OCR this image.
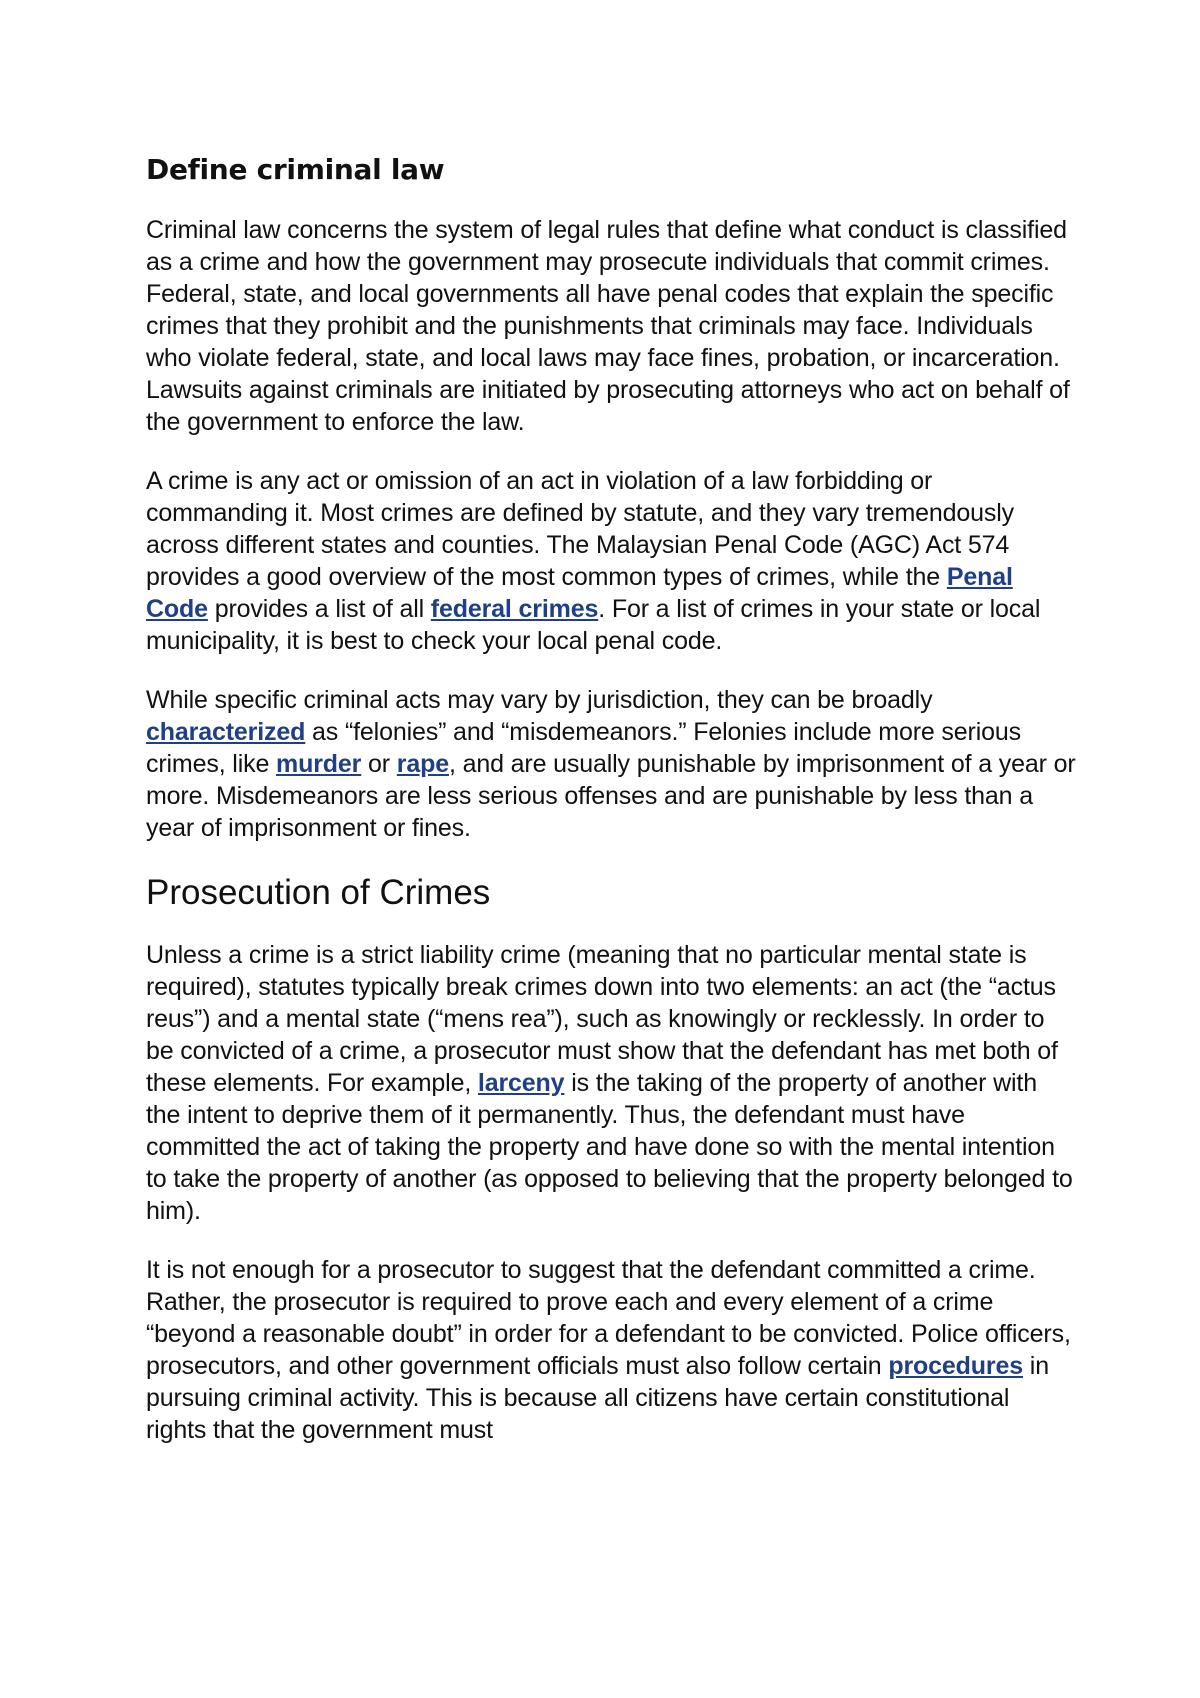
Define criminal law

Criminal law concerns the system of legal rules that define what conduct is classified as a crime and how the government may prosecute individuals that commit crimes. Federal, state, and local governments all have penal codes that explain the specific crimes that they prohibit and the punishments that criminals may face. Individuals who violate federal, state, and local laws may face fines, probation, or incarceration. Lawsuits against criminals are initiated by prosecuting attorneys who act on behalf of the government to enforce the law.

A crime is any act or omission of an act in violation of a law forbidding or commanding it. Most crimes are defined by statute, and they vary tremendously across different states and counties. The Malaysian Penal Code (AGC) Act 574 provides a good overview of the most common types of crimes, while the Penal Code provides a list of all federal crimes. For a list of crimes in your state or local municipality, it is best to check your local penal code.

While specific criminal acts may vary by jurisdiction, they can be broadly characterized as “felonies” and “misdemeanors.” Felonies include more serious crimes, like murder or rape, and are usually punishable by imprisonment of a year or more. Misdemeanors are less serious offenses and are punishable by less than a year of imprisonment or fines.

Prosecution of Crimes

Unless a crime is a strict liability crime (meaning that no particular mental state is required), statutes typically break crimes down into two elements: an act (the “actus reus”) and a mental state (“mens rea”), such as knowingly or recklessly. In order to be convicted of a crime, a prosecutor must show that the defendant has met both of these elements. For example, larceny is the taking of the property of another with the intent to deprive them of it permanently. Thus, the defendant must have committed the act of taking the property and have done so with the mental intention to take the property of another (as opposed to believing that the property belonged to him).

It is not enough for a prosecutor to suggest that the defendant committed a crime. Rather, the prosecutor is required to prove each and every element of a crime “beyond a reasonable doubt” in order for a defendant to be convicted. Police officers, prosecutors, and other government officials must also follow certain procedures in pursuing criminal activity. This is because all citizens have certain constitutional rights that the government must
